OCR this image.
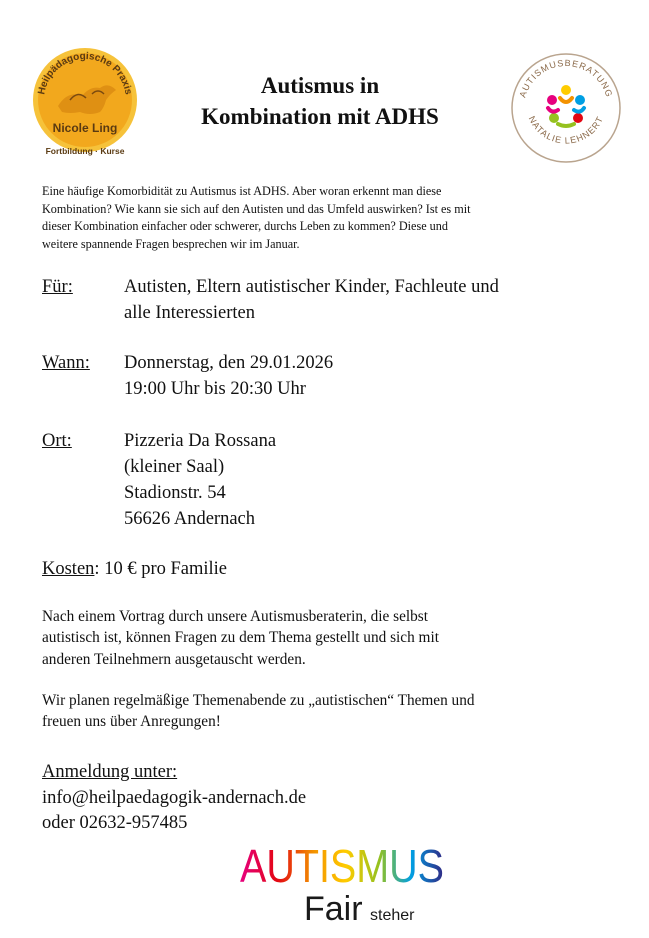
Heilpädagogische Praxis
Nicole Ling
Fortbildung · Kurse
AUTISMUSBERATUNG
NATALIE LEHNERT
Autismus in
Kombination mit ADHS
Eine häufige Komorbidität zu Autismus ist ADHS. Aber woran erkennt man diese
Kombination? Wie kann sie sich auf den Autisten und das Umfeld auswirken? Ist es mit
dieser Kombination einfacher oder schwerer, durchs Leben zu kommen? Diese und
weitere spannende Fragen besprechen wir im Januar.
Für:	Autisten, Eltern autistischer Kinder, Fachleute und
alle Interessierten
Wann: Donnerstag, den 29.01.2026
19:00 Uhr bis 20:30 Uhr
Ort:	Pizzeria Da Rossana
(kleiner Saal)
Stadionstr. 54
56626 Andernach
Kosten: 10 € pro Familie
Nach einem Vortrag durch unsere Autismusberaterin, die selbst
autistisch ist, können Fragen zu dem Thema gestellt und sich mit
anderen Teilnehmern ausgetauscht werden.
Wir planen regelmäßige Themenabende zu „autistischen“ Themen und
freuen uns über Anregungen!
Anmeldung unter:
info@heilpaedagogik-andernach.de
oder 02632-957485
AUTISMUS
Fair steher
